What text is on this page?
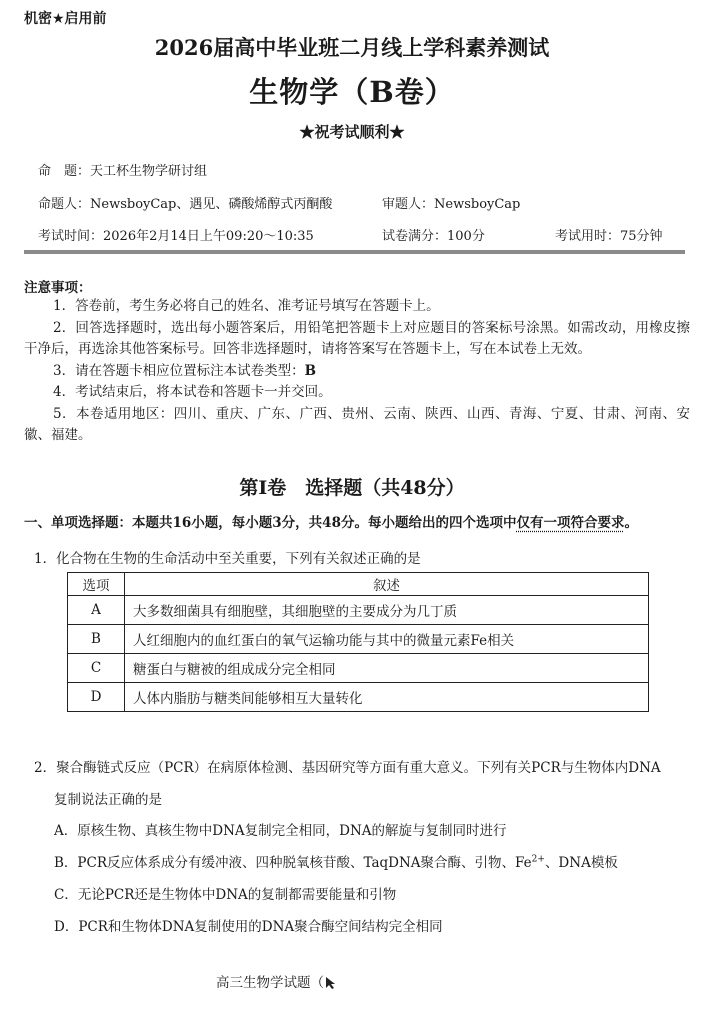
机密★启用前
2026届高中毕业班二月线上学科素养测试
生物学（B卷）
★祝考试顺利★
命　题：天工杯生物学研讨组
命题人：NewsboyCap、遇见、磷酸烯醇式丙酮酸	审题人：NewsboyCap
考试时间：2026年2月14日上午09:20～10:35	试卷满分：100分	考试用时：75分钟
注意事项：

1．答卷前，考生务必将自己的姓名、准考证号填写在答题卡上。

2．回答选择题时，选出每小题答案后，用铅笔把答题卡上对应题目的答案标号涂黑。如需改动，用橡皮擦干净后，再选涂其他答案标号。回答非选择题时，请将答案写在答题卡上，写在本试卷上无效。

3．请在答题卡相应位置标注本试卷类型：B

4．考试结束后，将本试卷和答题卡一并交回。

5．本卷适用地区：四川、重庆、广东、广西、贵州、云南、陕西、山西、青海、宁夏、甘肃、河南、安徽、福建。

第Ⅰ卷　选择题（共48分）
一、单项选择题：本题共16小题，每小题3分，共48分。每小题给出的四个选项中仅有一项符合要求。
1．化合物在生物的生命活动中至关重要，下列有关叙述正确的是
选项	叙述
A	大多数细菌具有细胞壁，其细胞壁的主要成分为几丁质
B	人红细胞内的血红蛋白的氧气运输功能与其中的微量元素Fe相关
C	糖蛋白与糖被的组成成分完全相同
D	人体内脂肪与糖类间能够相互大量转化
2．聚合酶链式反应（PCR）在病原体检测、基因研究等方面有重大意义。下列有关PCR与生物体内DNA
复制说法正确的是
A．原核生物、真核生物中DNA复制完全相同，DNA的解旋与复制同时进行
B．PCR反应体系成分有缓冲液、四种脱氧核苷酸、TaqDNA聚合酶、引物、$Fe^{2+}$、DNA模板
C．无论PCR还是生物体中DNA的复制都需要能量和引物
D．PCR和生物体DNA复制使用的DNA聚合酶空间结构完全相同
高三生物学试题（
